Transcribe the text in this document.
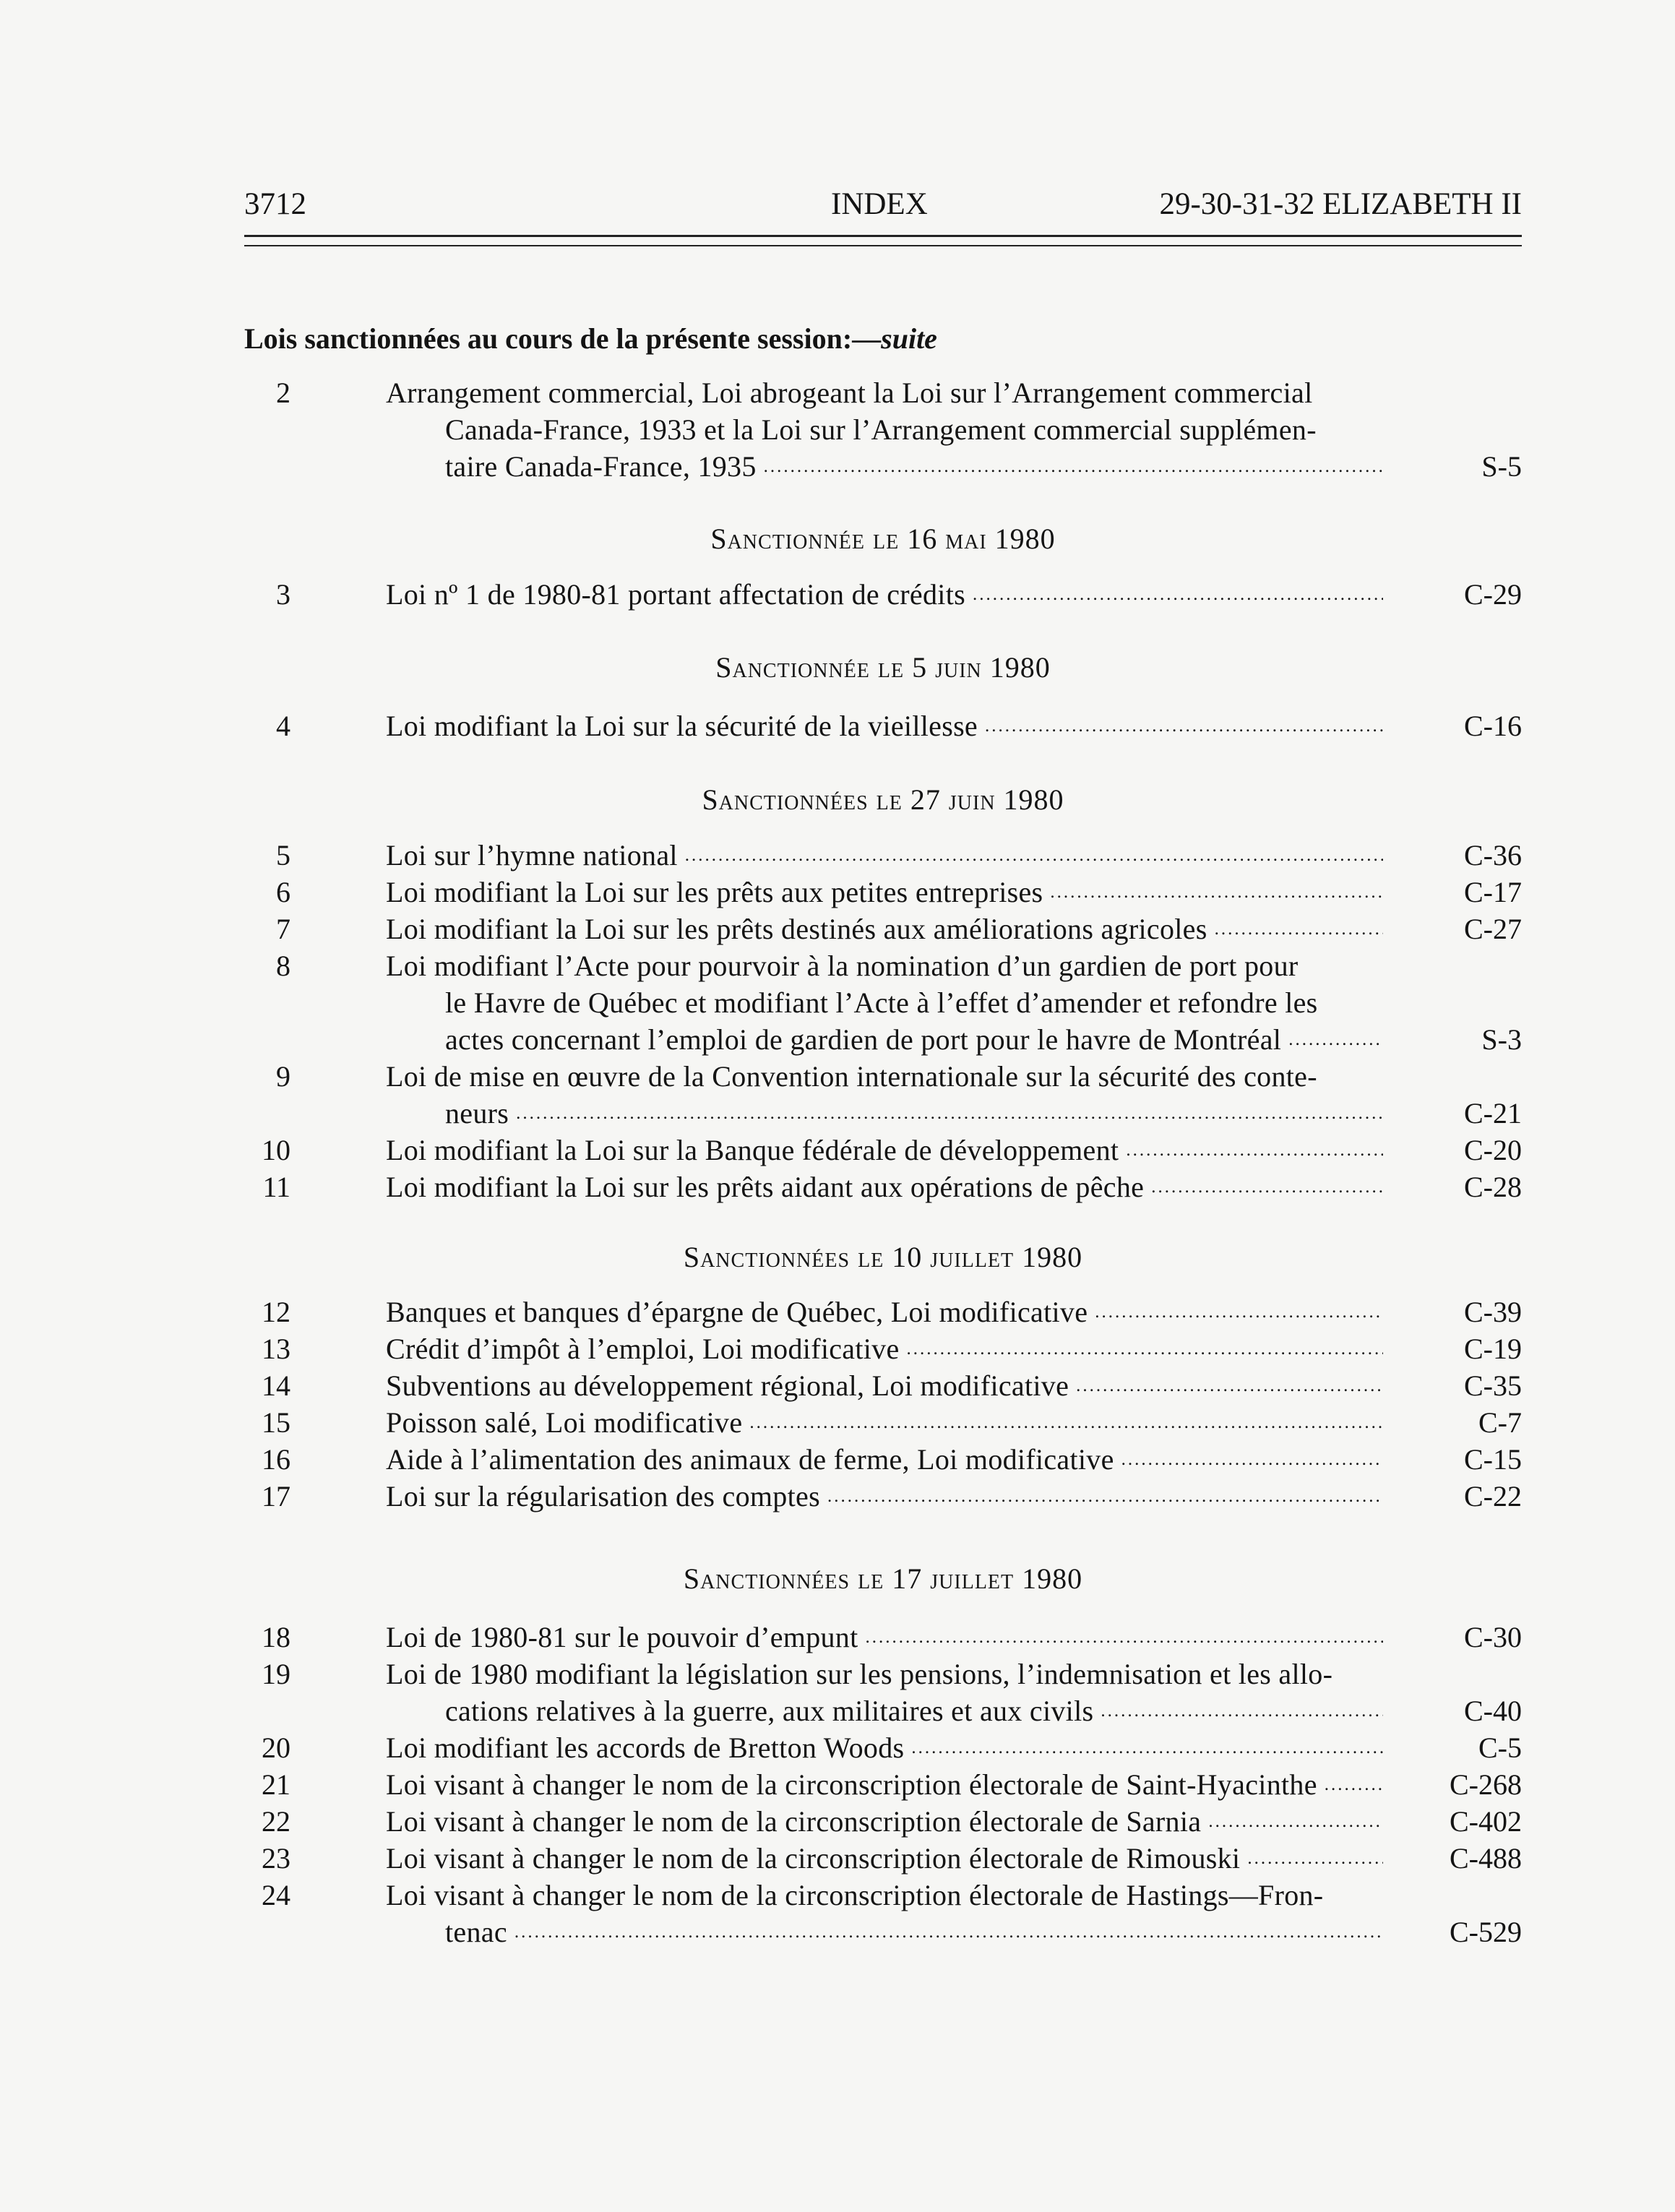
3712	INDEX	29-30-31-32 ELIZABETH II
Lois sanctionnées au cours de la présente session:—suite
2	Arrangement commercial, Loi abrogeant la Loi sur l’Arrangement commercial
Canada-France, 1933 et la Loi sur l’Arrangement commercial supplémen-
taire Canada-France, 1935 .....	S-5
Sanctionnée le 16 mai 1980
3	Loi nº 1 de 1980-81 portant affectation de crédits .....	C-29
Sanctionnée le 5 juin 1980
4	Loi modifiant la Loi sur la sécurité de la vieillesse .....	C-16
Sanctionnées le 27 juin 1980
5	Loi sur l’hymne national .....	C-36
6	Loi modifiant la Loi sur les prêts aux petites entreprises .....	C-17
7	Loi modifiant la Loi sur les prêts destinés aux améliorations agricoles .....	C-27
8	Loi modifiant l’Acte pour pourvoir à la nomination d’un gardien de port pour
le Havre de Québec et modifiant l’Acte à l’effet d’amender et refondre les
actes concernant l’emploi de gardien de port pour le havre de Montréal .....	S-3
9	Loi de mise en œuvre de la Convention internationale sur la sécurité des conte-
neurs .....	C-21
10	Loi modifiant la Loi sur la Banque fédérale de développement .....	C-20
11	Loi modifiant la Loi sur les prêts aidant aux opérations de pêche .....	C-28
Sanctionnées le 10 juillet 1980
12	Banques et banques d’épargne de Québec, Loi modificative .....	C-39
13	Crédit d’impôt à l’emploi, Loi modificative .....	C-19
14	Subventions au développement régional, Loi modificative .....	C-35
15	Poisson salé, Loi modificative .....	C-7
16	Aide à l’alimentation des animaux de ferme, Loi modificative .....	C-15
17	Loi sur la régularisation des comptes .....	C-22
Sanctionnées le 17 juillet 1980
18	Loi de 1980-81 sur le pouvoir d’empunt .....	C-30
19	Loi de 1980 modifiant la législation sur les pensions, l’indemnisation et les allo-
cations relatives à la guerre, aux militaires et aux civils .....	C-40
20	Loi modifiant les accords de Bretton Woods .....	C-5
21	Loi visant à changer le nom de la circonscription électorale de Saint-Hyacinthe .....	C-268
22	Loi visant à changer le nom de la circonscription électorale de Sarnia .....	C-402
23	Loi visant à changer le nom de la circonscription électorale de Rimouski .....	C-488
24	Loi visant à changer le nom de la circonscription électorale de Hastings—Fron-
tenac .....	C-529
